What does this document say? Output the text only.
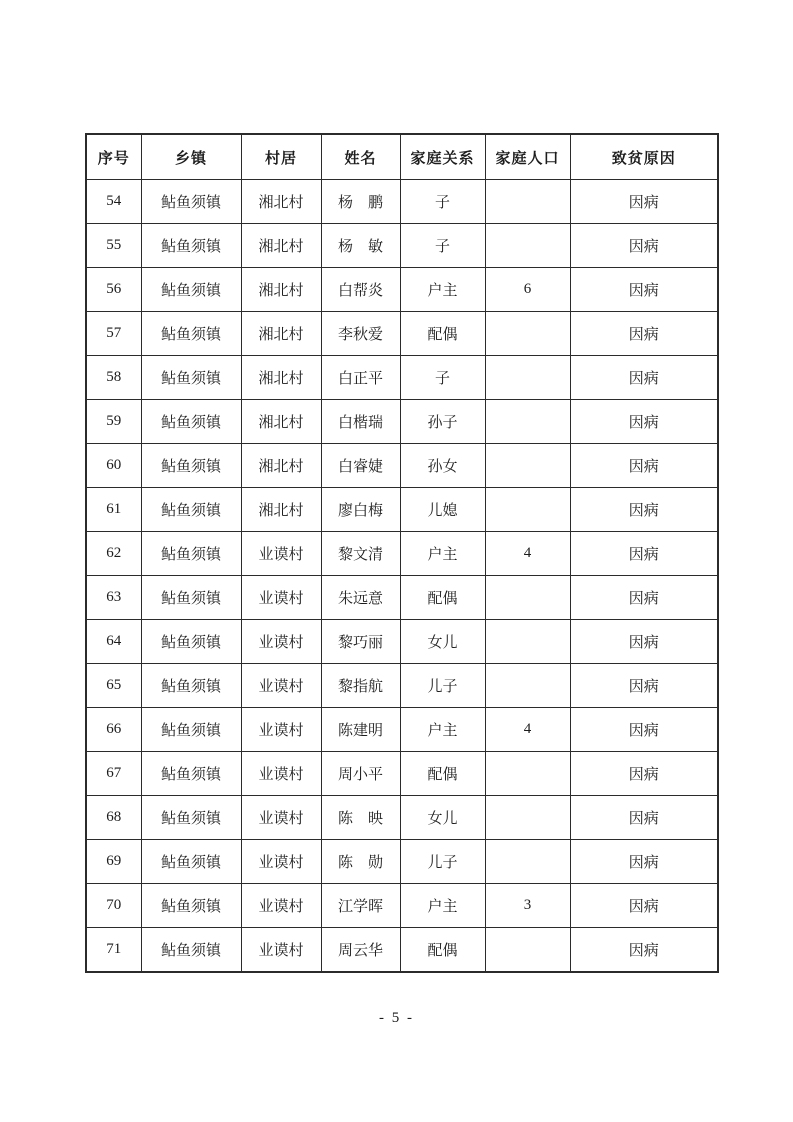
序号	乡镇	村居	姓名	家庭关系	家庭人口	致贫原因
54	鲇鱼须镇	湘北村	杨　鹏	子		因病
55	鲇鱼须镇	湘北村	杨　敏	子		因病
56	鲇鱼须镇	湘北村	白帮炎	户主	6	因病
57	鲇鱼须镇	湘北村	李秋爱	配偶		因病
58	鲇鱼须镇	湘北村	白正平	子		因病
59	鲇鱼须镇	湘北村	白楷瑞	孙子		因病
60	鲇鱼须镇	湘北村	白睿婕	孙女		因病
61	鲇鱼须镇	湘北村	廖白梅	儿媳		因病
62	鲇鱼须镇	业谟村	黎文清	户主	4	因病
63	鲇鱼须镇	业谟村	朱远意	配偶		因病
64	鲇鱼须镇	业谟村	黎巧丽	女儿		因病
65	鲇鱼须镇	业谟村	黎指航	儿子		因病
66	鲇鱼须镇	业谟村	陈建明	户主	4	因病
67	鲇鱼须镇	业谟村	周小平	配偶		因病
68	鲇鱼须镇	业谟村	陈　映	女儿		因病
69	鲇鱼须镇	业谟村	陈　勋	儿子		因病
70	鲇鱼须镇	业谟村	江学晖	户主	3	因病
71	鲇鱼须镇	业谟村	周云华	配偶		因病
- 5 -
